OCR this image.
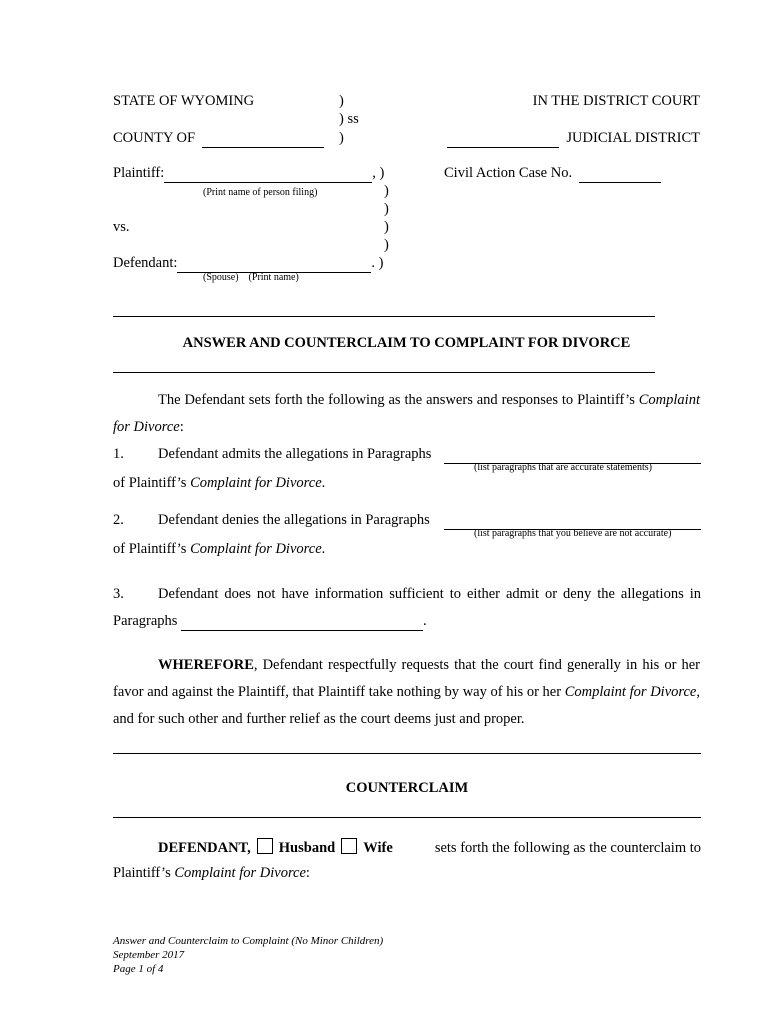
STATE OF WYOMING	)
) ss
)
IN THE DISTRICT COURT
COUNTY OF	JUDICIAL DISTRICT
Plaintiff:	, )
(Print name of person filing)	)
)
)
)
Civil Action Case No.
vs.
Defendant:	. )
(Spouse)    (Print name)
ANSWER AND COUNTERCLAIM TO COMPLAINT FOR DIVORCE
The Defendant sets forth the following as the answers and responses to Plaintiff’s Complaint for Divorce:
1. Defendant admits the allegations in Paragraphs

(list paragraphs that are accurate statements)
of Plaintiff’s Complaint for Divorce.
2. Defendant denies the allegations in Paragraphs

(list paragraphs that you believe are not accurate)
of Plaintiff’s Complaint for Divorce.
3. Defendant does not have information sufficient to either admit or deny the allegations in
Paragraphs	.
WHEREFORE, Defendant respectfully requests that the court find generally in his or her favor and against the Plaintiff, that Plaintiff take nothing by way of his or her Complaint for Divorce, and for such other and further relief as the court deems just and proper.
COUNTERCLAIM
DEFENDANT, Husband Wife	sets forth the following as the counterclaim to
Plaintiff’s Complaint for Divorce:
Answer and Counterclaim to Complaint (No Minor Children)
September 2017
Page 1 of 4
